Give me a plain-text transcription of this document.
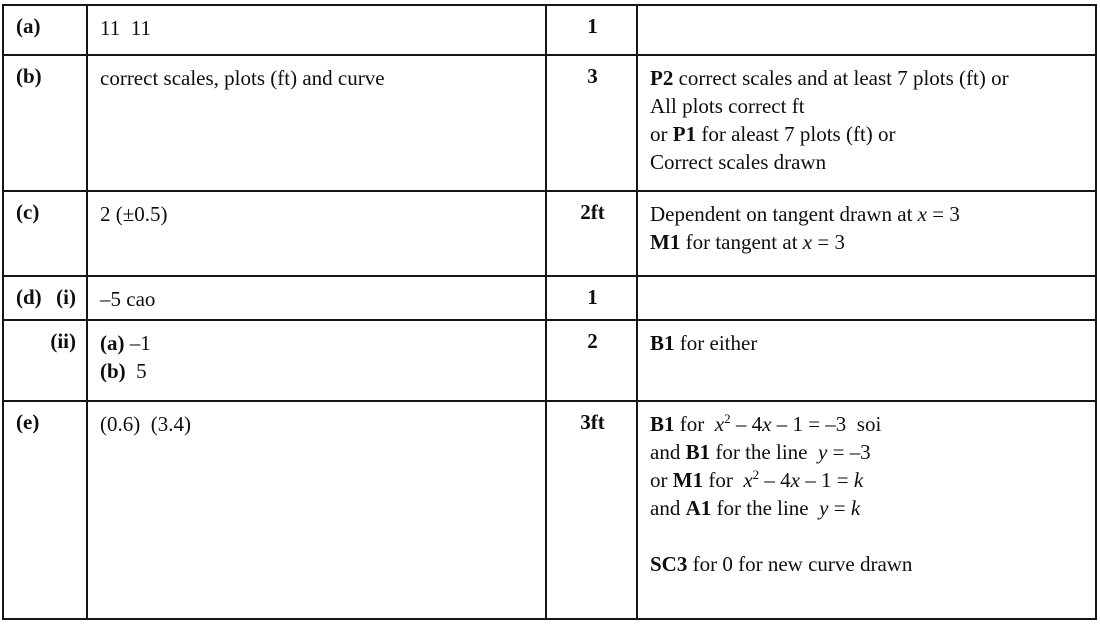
(a)	11  11	1	

(b)	correct scales, plots (ft) and curve	3	P2 correct scales and at least 7 plots (ft) or
All plots correct ft
or P1 for aleast 7 plots (ft) or
Correct scales drawn

(c)	2 (±0.5)	2ft	Dependent on tangent drawn at x = 3
M1 for tangent at x = 3

(d) (i)	–5 cao	1	

(ii)	(a) –1
(b)  5	2	B1 for either

(e)	(0.6)  (3.4)	3ft	B1 for  $x^2 - 4x - 1 = -3$  soi
and B1 for the line  y = –3
or M1 for  $x^2 - 4x - 1 = k$
and A1 for the line  y = k
SC3 for 0 for new curve drawn
